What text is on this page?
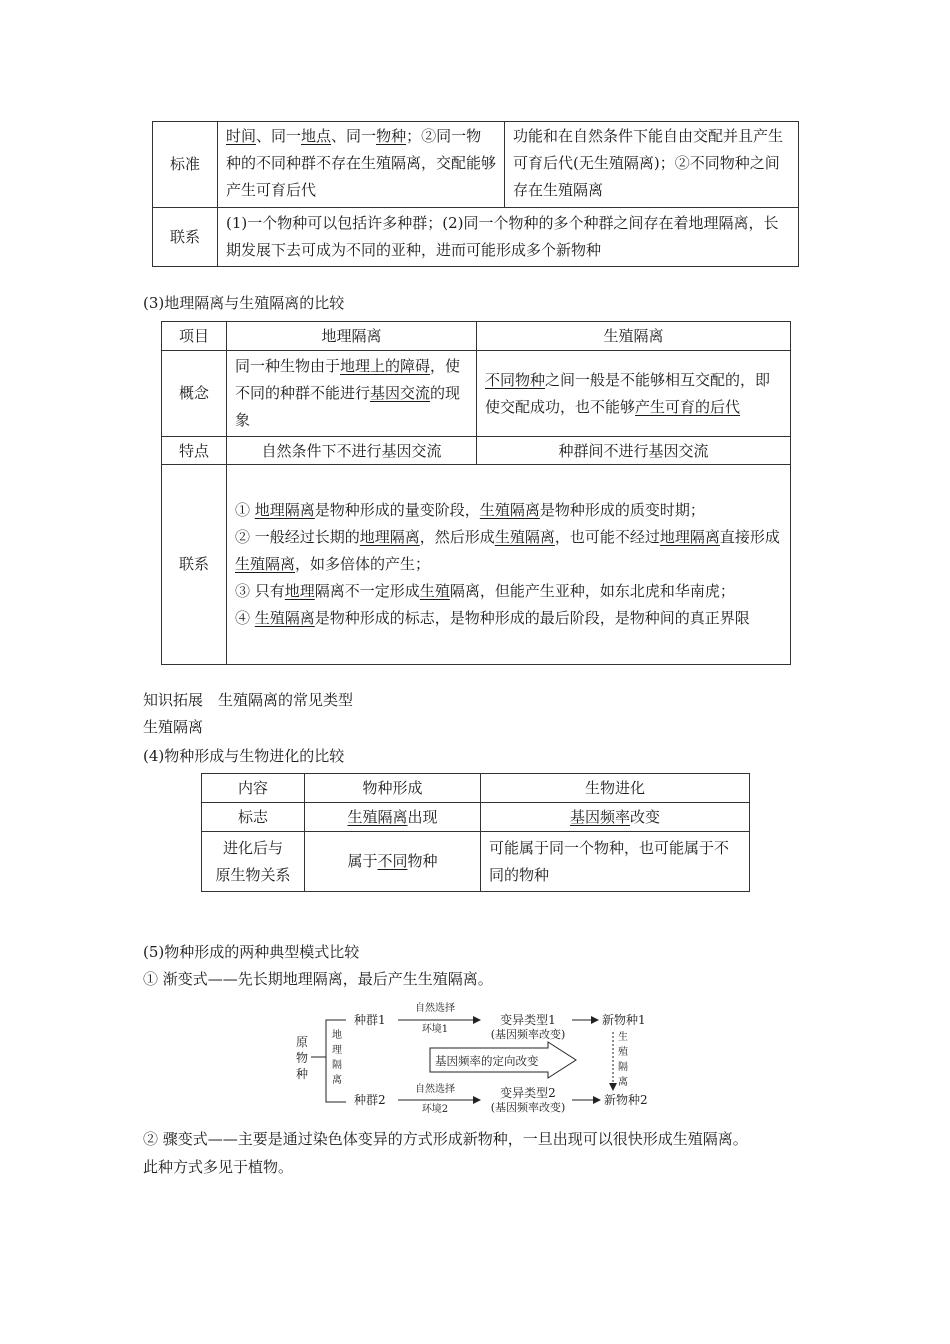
标准	时间、同一地点、同一物种；②同一物种的不同种群不存在生殖隔离，交配能够产生可育后代	功能和在自然条件下能自由交配并且产生可育后代(无生殖隔离)；②不同物种之间存在生殖隔离
联系	(1)一个物种可以包括许多种群；(2)同一个物种的多个种群之间存在着地理隔离，长期发展下去可成为不同的亚种，进而可能形成多个新物种	
(3)地理隔离与生殖隔离的比较
项目	地理隔离	生殖隔离
概念	同一种生物由于地理上的障碍，使不同的种群不能进行基因交流的现象	不同物种之间一般是不能够相互交配的，即使交配成功，也不能够产生可育的后代
特点	自然条件下不进行基因交流	种群间不进行基因交流
联系	① 地理隔离是物种形成的量变阶段，生殖隔离是物种形成的质变时期；
② 一般经过长期的地理隔离，然后形成生殖隔离，也可能不经过地理隔离直接形成生殖隔离，如多倍体的产生；
③ 只有地理隔离不一定形成生殖隔离，但能产生亚种，如东北虎和华南虎；
④ 生殖隔离是物种形成的标志，是物种形成的最后阶段，是物种间的真正界限	
知识拓展　生殖隔离的常见类型
生殖隔离
(4)物种形成与生物进化的比较
内容	物种形成	生物进化
标志	生殖隔离出现	基因频率改变

进化后与
原生物关系	属于不同物种	可能属于同一个物种，也可能属于不同的物种
(5)物种形成的两种典型模式比较
① 渐变式——先长期地理隔离，最后产生生殖隔离。
原
物
种
地
理
隔
离
种群1
自然选择
环境1
变异类型1
(基因频率改变)
新物种1
基因频率的定向改变
生
殖
隔
离
种群2
自然选择
环境2
变异类型2
(基因频率改变)
新物种2
② 骤变式——主要是通过染色体变异的方式形成新物种，一旦出现可以很快形成生殖隔离。
此种方式多见于植物。
